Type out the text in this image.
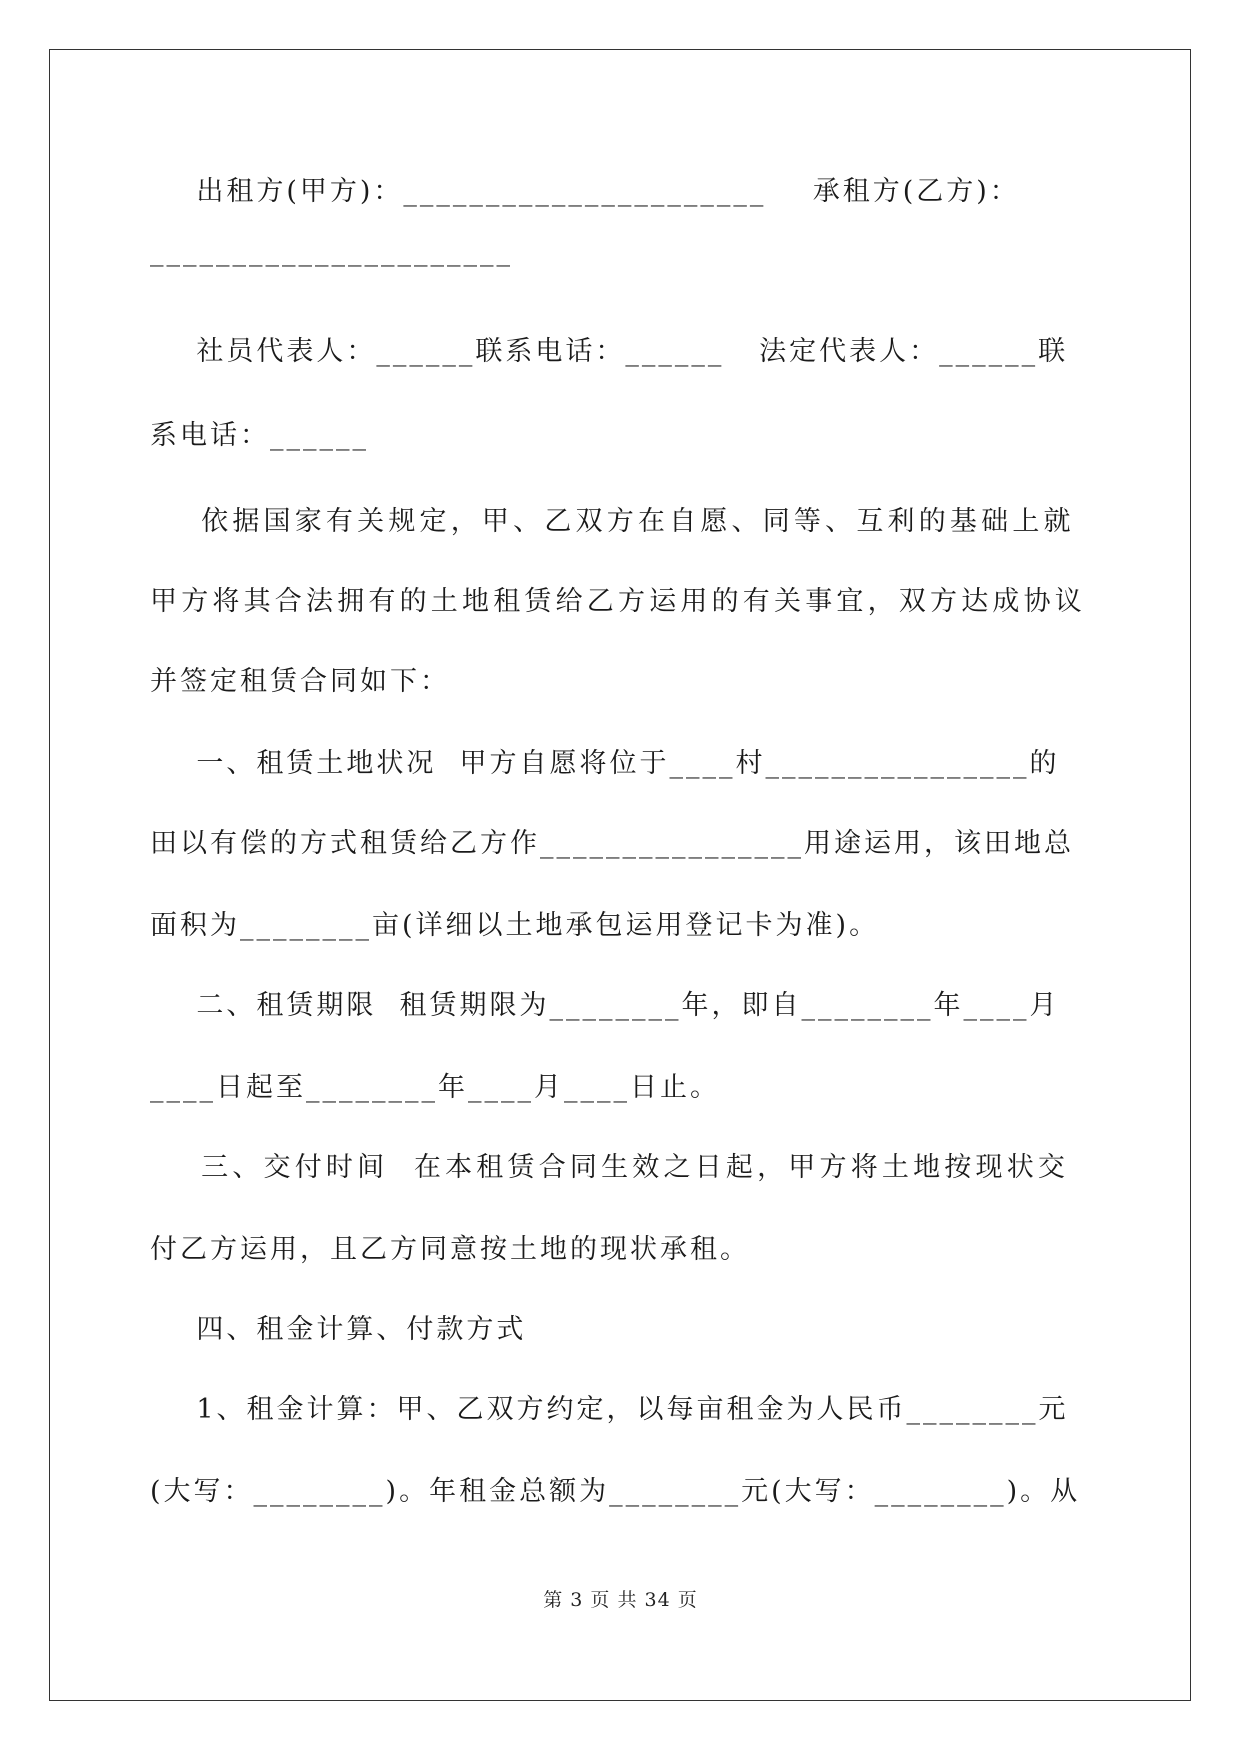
出租方(甲方)：______________________    承租方(乙方)：
______________________
社员代表人：______联系电话：______   法定代表人：______联
系电话：______
依据国家有关规定，甲、乙双方在自愿、同等、互利的基础上就
甲方将其合法拥有的土地租赁给乙方运用的有关事宜，双方达成协议
并签定租赁合同如下：
一、租赁土地状况  甲方自愿将位于____村________________的
田以有偿的方式租赁给乙方作________________用途运用，该田地总
面积为________亩(详细以土地承包运用登记卡为准)。
二、租赁期限  租赁期限为________年，即自________年____月
____日起至________年____月____日止。
三、交付时间  在本租赁合同生效之日起，甲方将土地按现状交
付乙方运用，且乙方同意按土地的现状承租。
四、租金计算、付款方式
1、租金计算：甲、乙双方约定，以每亩租金为人民币________元
(大写：________)。年租金总额为________元(大写：________)。从
第 3 页 共 34 页
